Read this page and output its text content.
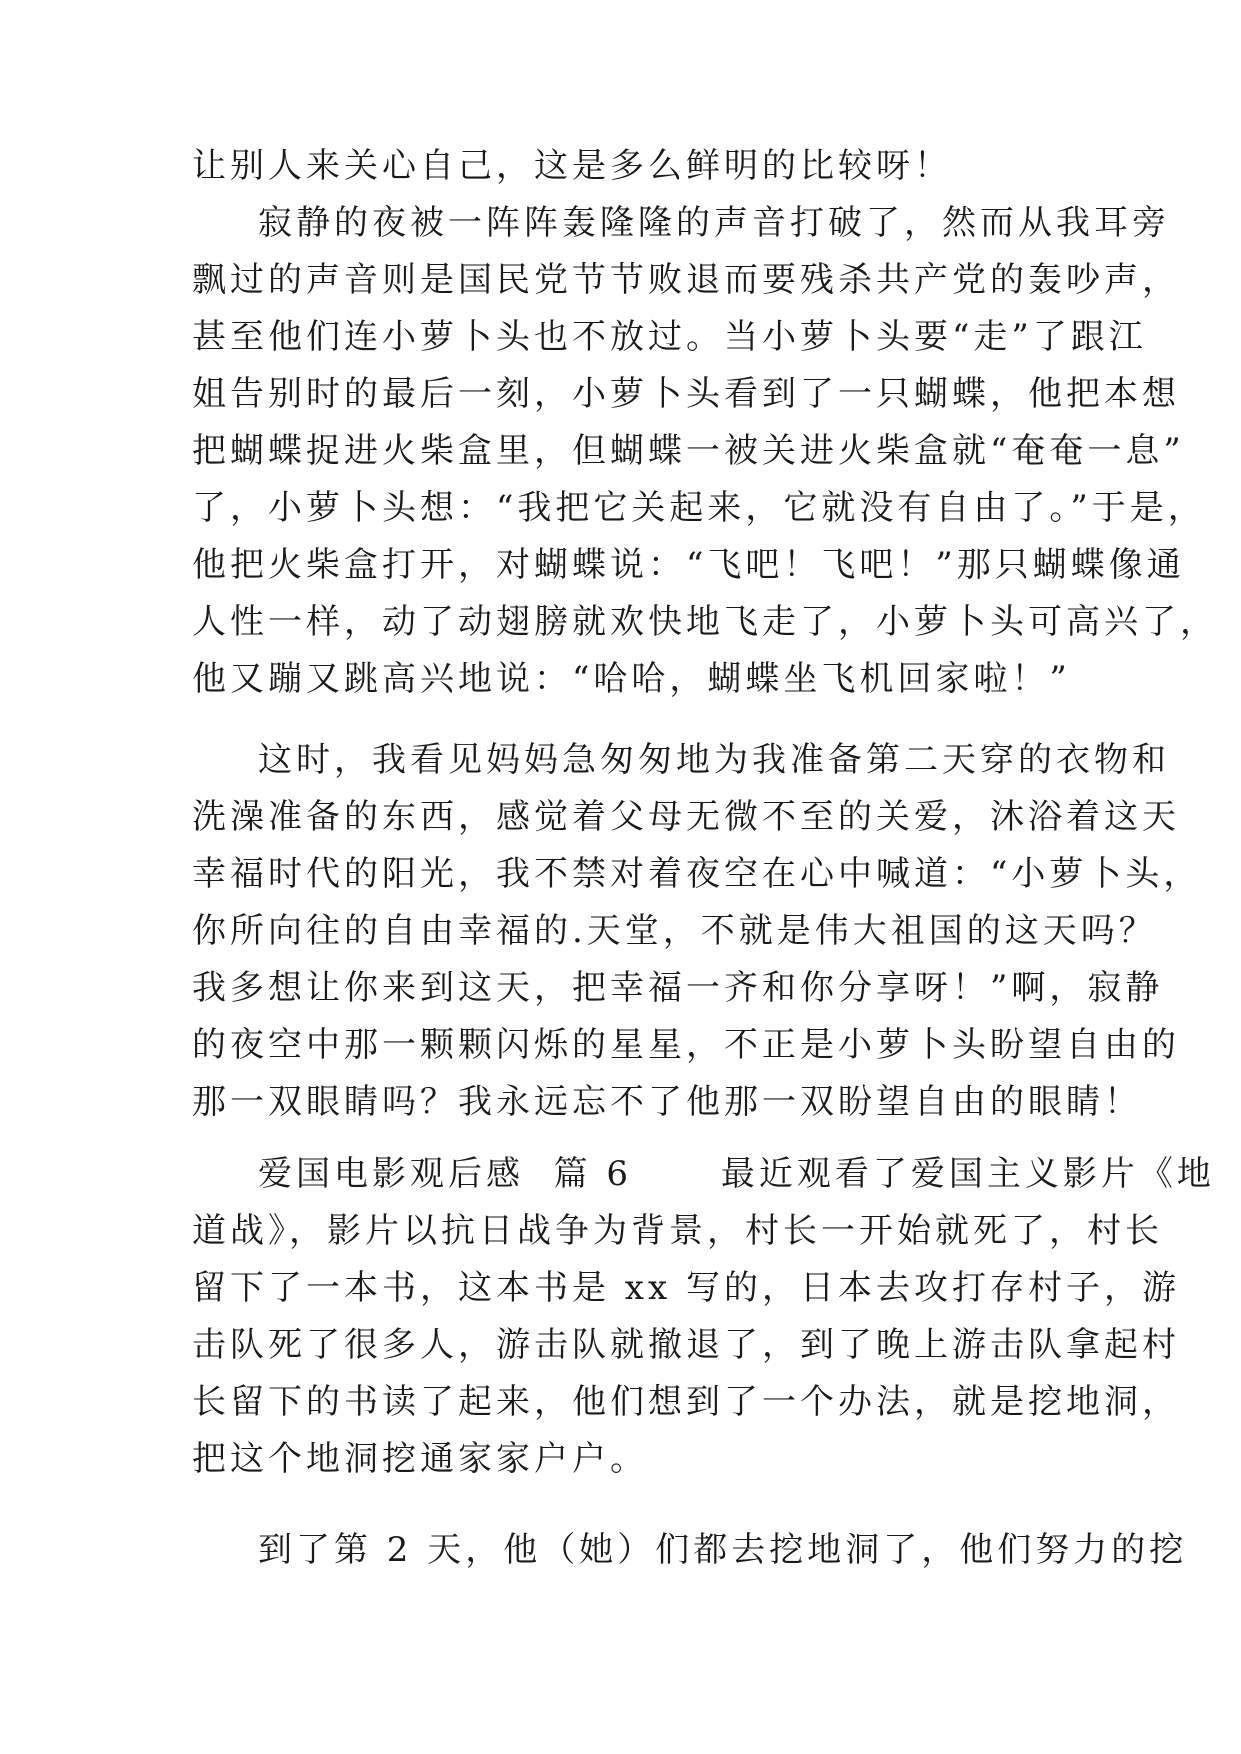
让别人来关心自己，这是多么鲜明的比较呀！
寂静的夜被一阵阵轰隆隆的声音打破了，然而从我耳旁
飘过的声音则是国民党节节败退而要残杀共产党的轰吵声，
甚至他们连小萝卜头也不放过。当小萝卜头要“走”了跟江
姐告别时的最后一刻，小萝卜头看到了一只蝴蝶，他把本想
把蝴蝶捉进火柴盒里，但蝴蝶一被关进火柴盒就“奄奄一息”
了，小萝卜头想：“我把它关起来，它就没有自由了。”于是，
他把火柴盒打开，对蝴蝶说：“飞吧！飞吧！”那只蝴蝶像通
人性一样，动了动翅膀就欢快地飞走了，小萝卜头可高兴了，
他又蹦又跳高兴地说：“哈哈，蝴蝶坐飞机回家啦！”
这时，我看见妈妈急匆匆地为我准备第二天穿的衣物和
洗澡准备的东西，感觉着父母无微不至的关爱，沐浴着这天
幸福时代的阳光，我不禁对着夜空在心中喊道：“小萝卜头，
你所向往的自由幸福的.天堂，不就是伟大祖国的这天吗？
我多想让你来到这天，把幸福一齐和你分享呀！”啊，寂静
的夜空中那一颗颗闪烁的星星，不正是小萝卜头盼望自由的
那一双眼睛吗？我永远忘不了他那一双盼望自由的眼睛！
爱国电影观后感  篇 6      最近观看了爱国主义影片《地
道战》，影片以抗日战争为背景，村长一开始就死了，村长
留下了一本书，这本书是 xx 写的，日本去攻打存村子，游
击队死了很多人，游击队就撤退了，到了晚上游击队拿起村
长留下的书读了起来，他们想到了一个办法，就是挖地洞，
把这个地洞挖通家家户户。
到了第 2 天，他（她）们都去挖地洞了，他们努力的挖
